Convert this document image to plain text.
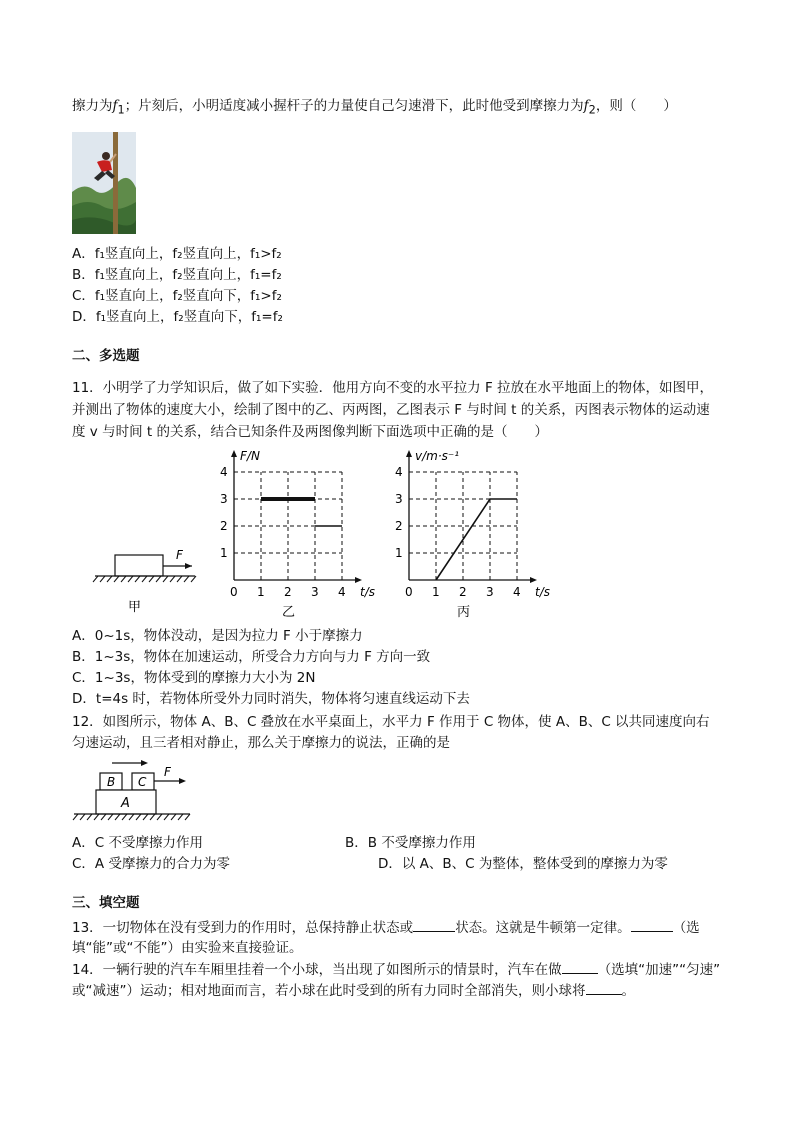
擦力为$f_1$；片刻后，小明适度减小握杆子的力量使自己匀速滑下，此时他受到摩擦力为$f_2$，则（　　）
A．f₁竖直向上，f₂竖直向上，f₁>f₂
B．f₁竖直向上，f₂竖直向上，f₁=f₂
C．f₁竖直向上，f₂竖直向下，f₁>f₂
D．f₁竖直向上，f₂竖直向下，f₁=f₂
二、多选题
11．小明学了力学知识后，做了如下实验．他用方向不变的水平拉力 F 拉放在水平地面上的物体，如图甲，
并测出了物体的速度大小，绘制了图中的乙、丙两图，乙图表示 F 与时间 t 的关系，丙图表示物体的运动速
度 v 与时间 t 的关系，结合已知条件及两图像判断下面选项中正确的是（　　）
F
甲
0 1 2 3 4
1
2
3
4
t/s
F/N
乙
0 1 2 3 4
1
2
3
4
t/s
v/m·s⁻¹
丙
A．0~1s，物体没动，是因为拉力 F 小于摩擦力
B．1~3s，物体在加速运动，所受合力方向与力 F 方向一致
C．1~3s，物体受到的摩擦力大小为 2N
D．t=4s 时，若物体所受外力同时消失，物体将匀速直线运动下去
12．如图所示，物体 A、B、C 叠放在水平桌面上，水平力 F 作用于 C 物体，使 A、B、C 以共同速度向右
匀速运动，且三者相对静止，那么关于摩擦力的说法，正确的是
B C
F
A
A．C 不受摩擦力作用	B．B 不受摩擦力作用
C．A 受摩擦力的合力为零	D．以 A、B、C 为整体，整体受到的摩擦力为零
三、填空题
13．一切物体在没有受到力的作用时，总保持静止状态或	状态。这就是牛顿第一定律。	（选
填“能”或“不能”）由实验来直接验证。
14．一辆行驶的汽车车厢里挂着一个小球，当出现了如图所示的情景时，汽车在做	（选填“加速”“匀速”
或“减速”）运动；相对地面而言，若小球在此时受到的所有力同时全部消失，则小球将	。
